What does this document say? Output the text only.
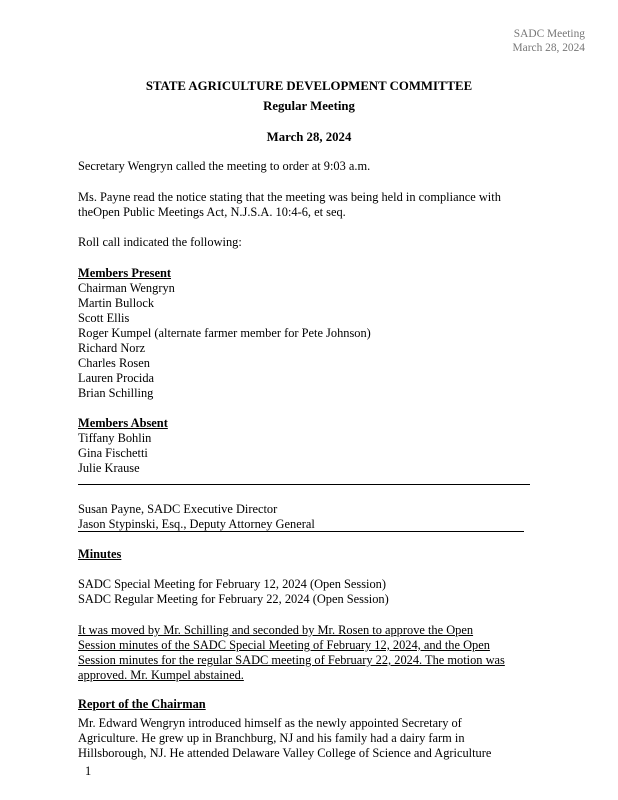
SADC Meeting
March 28, 2024
STATE AGRICULTURE DEVELOPMENT COMMITTEE
Regular Meeting
March 28, 2024
Secretary Wengryn called the meeting to order at 9:03 a.m.
Ms. Payne read the notice stating that the meeting was being held in compliance with
theOpen Public Meetings Act, N.J.S.A. 10:4-6, et seq.
Roll call indicated the following:
Members Present
Chairman Wengryn
Martin Bullock
Scott Ellis
Roger Kumpel (alternate farmer member for Pete Johnson)
Richard Norz
Charles Rosen
Lauren Procida
Brian Schilling
Members Absent
Tiffany Bohlin
Gina Fischetti
Julie Krause
Susan Payne, SADC Executive Director
Jason Stypinski, Esq., Deputy Attorney General
Minutes
SADC Special Meeting for February 12, 2024 (Open Session)
SADC Regular Meeting for February 22, 2024 (Open Session)
It was moved by Mr. Schilling and seconded by Mr. Rosen to approve the Open
Session minutes of the SADC Special Meeting of February 12, 2024, and the Open
Session minutes for the regular SADC meeting of February 22, 2024. The motion was
approved. Mr. Kumpel abstained.
Report of the Chairman
Mr. Edward Wengryn introduced himself as the newly appointed Secretary of
Agriculture. He grew up in Branchburg, NJ and his family had a dairy farm in
Hillsborough, NJ. He attended Delaware Valley College of Science and Agriculture
1
